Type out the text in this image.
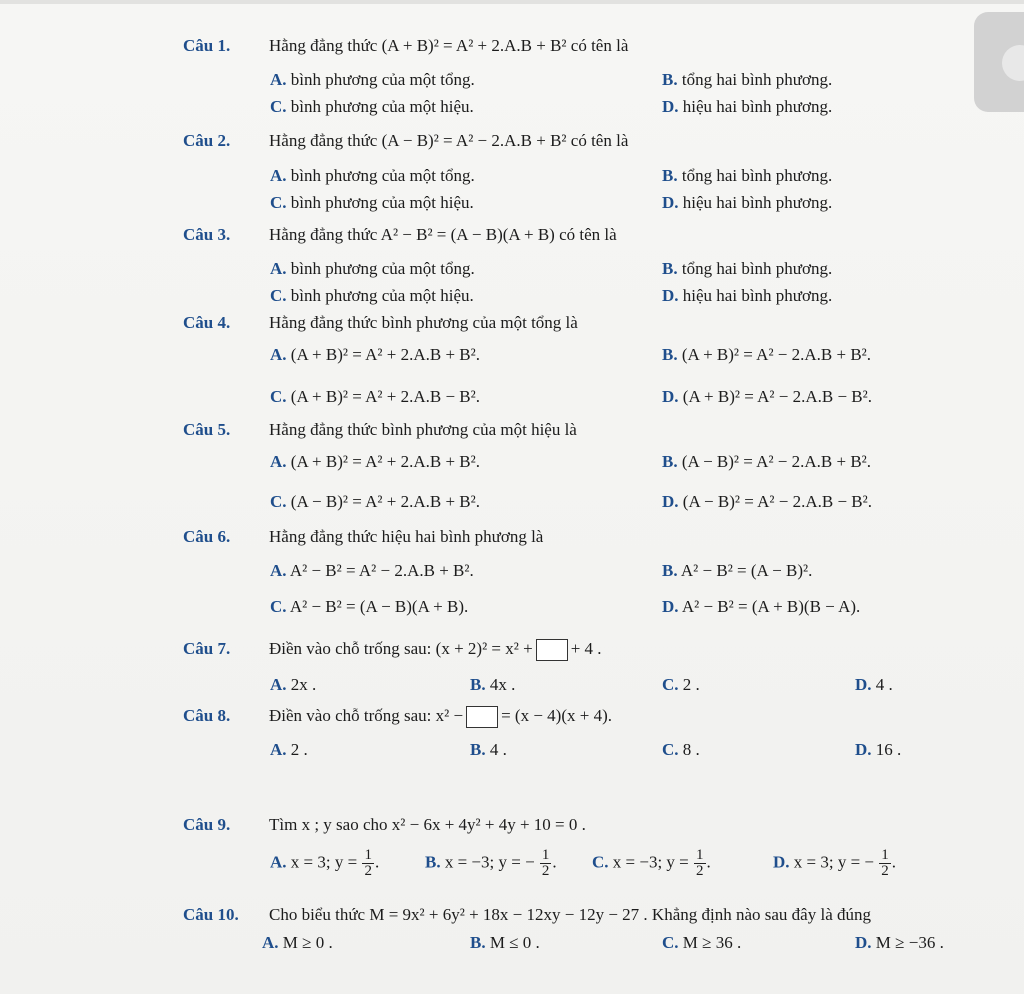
Câu 1. Hằng đẳng thức (A + B)² = A² + 2.A.B + B² có tên là
A. bình phương của một tổng.	B. tổng hai bình phương.
C. bình phương của một hiệu.	D. hiệu hai bình phương.
Câu 2. Hằng đẳng thức (A − B)² = A² − 2.A.B + B² có tên là
A. bình phương của một tổng.	B. tổng hai bình phương.
C. bình phương của một hiệu.	D. hiệu hai bình phương.
Câu 3. Hằng đẳng thức A² − B² = (A − B)(A + B) có tên là
A. bình phương của một tổng.	B. tổng hai bình phương.
C. bình phương của một hiệu.	D. hiệu hai bình phương.
Câu 4. Hằng đẳng thức bình phương của một tổng là
A. (A + B)² = A² + 2.A.B + B².	B. (A + B)² = A² − 2.A.B + B².
C. (A + B)² = A² + 2.A.B − B².	D. (A + B)² = A² − 2.A.B − B².
Câu 5. Hằng đẳng thức bình phương của một hiệu là
A. (A + B)² = A² + 2.A.B + B².	B. (A − B)² = A² − 2.A.B + B².
C. (A − B)² = A² + 2.A.B + B².	D. (A − B)² = A² − 2.A.B − B².
Câu 6. Hằng đẳng thức hiệu hai bình phương là
A. A² − B² = A² − 2.A.B + B².	B. A² − B² = (A − B)².
C. A² − B² = (A − B)(A + B).	D. A² − B² = (A + B)(B − A).
Câu 7. Điền vào chỗ trống sau: (x + 2)² = x² + + 4 .
A. 2x .	B. 4x .	C. 2 .	D. 4 .
Câu 8. Điền vào chỗ trống sau: x² − = (x − 4)(x + 4).
A. 2 .	B. 4 .	C. 8 .	D. 16 .
Câu 9. Tìm x ; y sao cho x² − 6x + 4y² + 4y + 10 = 0 .
A. x = 3; $y = \frac{1}{2}$ .	B. x = −3; y = − $\frac{1}{2}$ . C. x = −3; $y = \frac{1}{2}$ .	D. x = 3; y = − $\frac{1}{2}$ .
Câu 10. Cho biểu thức M = 9x² + 6y² + 18x − 12xy − 12y − 27 . Khẳng định nào sau đây là đúng
A. M ≥ 0 .	B. M ≤ 0 .	C. M ≥ 36 .	D. M ≥ −36 .
